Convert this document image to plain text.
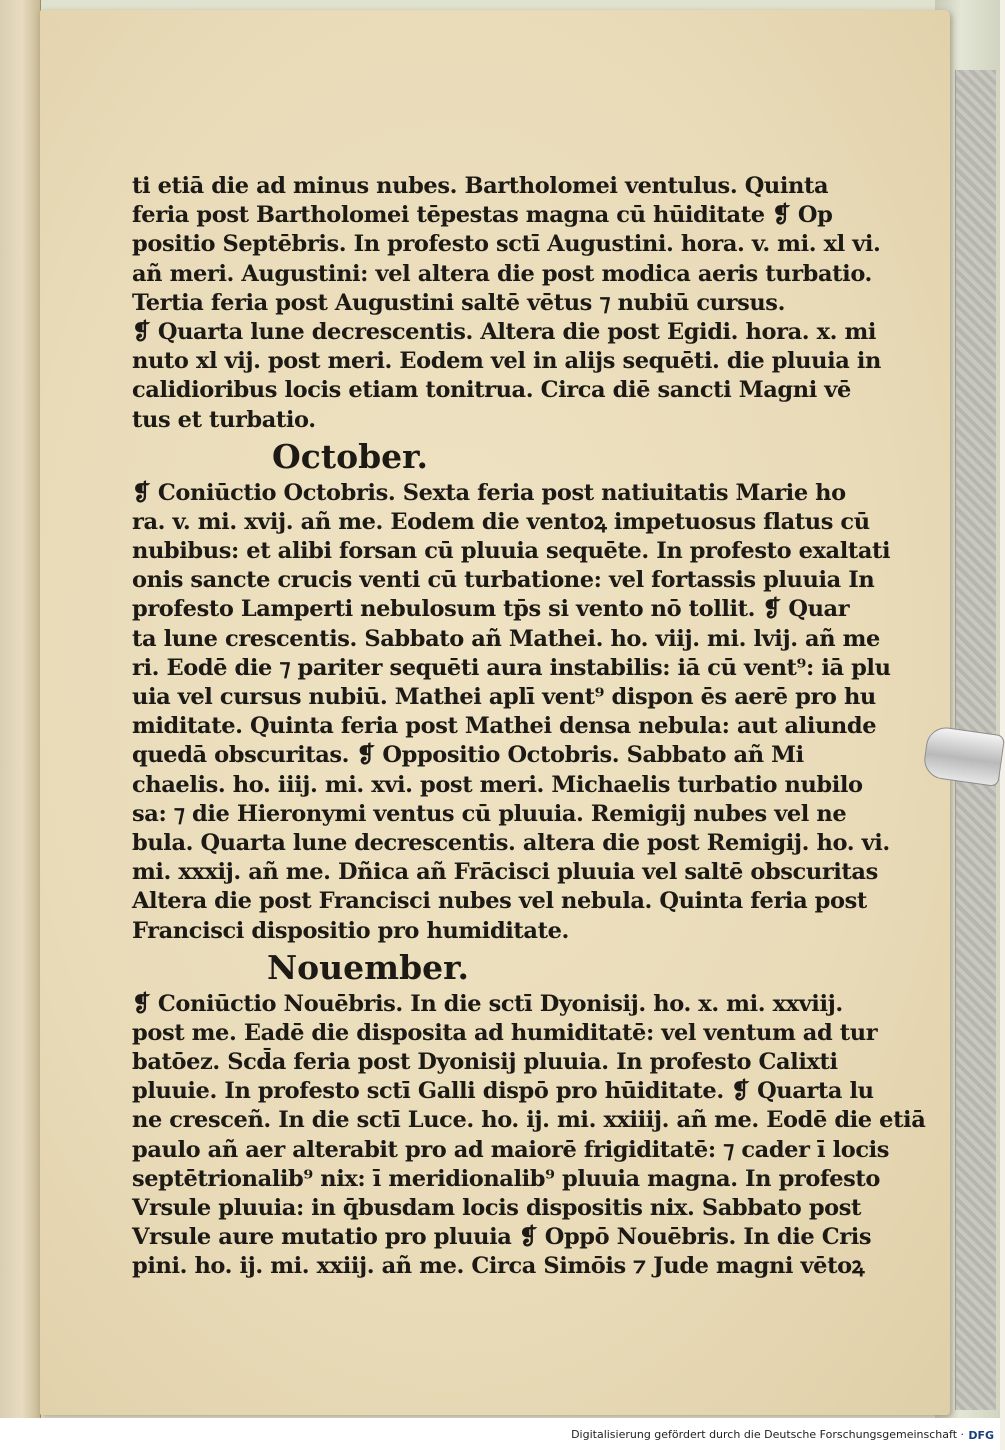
ti etiā die ad minus nubes. Bartholomei ventulus. Quinta
feria post Bartholomei tēpestas magna cū hūiditate ❡ Op
positio Septēbris. In profesto sctī Augustini. hora. v. mi. xl vi.
añ meri. Augustini: vel altera die post modica aeris turbatio.
Tertia feria post Augustini saltē vētus ⁊ nubiū cursus.
❡ Quarta lune decrescentis. Altera die post Egidi. hora. x. mi
nuto xl vij. post meri. Eodem vel in alijs sequēti. die pluuia in
calidioribus locis etiam tonitrua. Circa diē sancti Magni vē
tus et turbatio.
October.
❡ Coniūctio Octobris. Sexta feria post natiuitatis Marie ho
ra. v. mi. xvij. añ me. Eodem die ventoꝝ impetuosus flatus cū
nubibus: et alibi forsan cū pluuia sequēte. In profesto exaltati
onis sancte crucis venti cū turbatione: vel fortassis pluuia In
profesto Lamperti nebulosum tp̄s si vento nō tollit. ❡ Quar
ta lune crescentis. Sabbato añ Mathei. ho. viij. mi. lvij. añ me
ri. Eodē die ⁊ pariter sequēti aura instabilis: iā cū vent⁹: iā plu
uia vel cursus nubiū. Mathei aplī vent⁹ dispon ēs aerē pro hu
miditate. Quinta feria post Mathei densa nebula: aut aliunde
quedā obscuritas. ❡ Oppositio Octobris. Sabbato añ Mi
chaelis. ho. iiij. mi. xvi. post meri. Michaelis turbatio nubilo
sa: ⁊ die Hieronymi ventus cū pluuia. Remigij nubes vel ne
bula. Quarta lune decrescentis. altera die post Remigij. ho. vi.
mi. xxxij. añ me. Dñica añ Frācisci pluuia vel saltē obscuritas
Altera die post Francisci nubes vel nebula. Quinta feria post
Francisci dispositio pro humiditate.
Nouember.
❡ Coniūctio Nouēbris. In die sctī Dyonisij. ho. x. mi. xxviij.
post me. Eadē die disposita ad humiditatē: vel ventum ad tur
batōez. Scd̄a feria post Dyonisij pluuia. In profesto Calixti
pluuie. In profesto sctī Galli dispō pro hūiditate. ❡ Quarta lu
ne cresceñ. In die sctī Luce. ho. ij. mi. xxiiij. añ me. Eodē die etiā
paulo añ aer alterabit pro ad maiorē frigiditatē: ⁊ cader ī locis
septētrionalib⁹ nix: ī meridionalib⁹ pluuia magna. In profesto
Vrsule pluuia: in q̄busdam locis dispositis nix. Sabbato post
Vrsule aure mutatio pro pluuia ❡ Oppō Nouēbris. In die Cris
pini. ho. ij. mi. xxiij. añ me. Circa Simōis ⁊ Jude magni vētoꝝ
Digitalisierung gefördert durch die Deutsche Forschungsgemeinschaft · DFG
